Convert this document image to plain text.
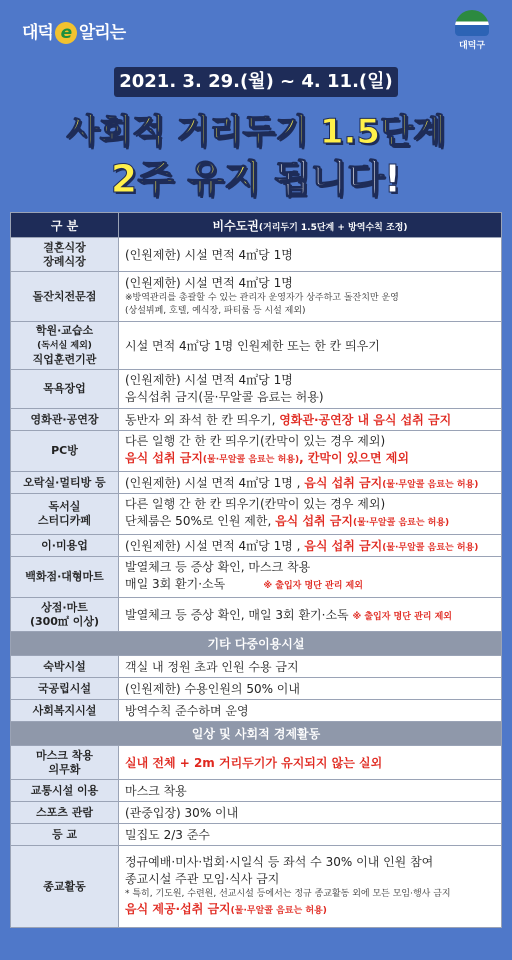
대덕 e 알리는
대덕구
2021. 3. 29.(월) ~ 4. 11.(일)
사회적 거리두기 1.5단계
2주 유지 됩니다!
구 분	비수도권(거리두기 1.5단계 + 방역수칙 조정)
결혼식장
장례식장	(인원제한) 시설 면적 4㎡당 1명
돌잔치전문점	(인원제한) 시설 면적 4㎡당 1명
※방역관리를 총괄할 수 있는 관리자 운영자가 상주하고 돌잔치만 운영
(상설뷔페, 호텔, 예식장, 파티룸 등 시설 제외)

학원·교습소
(독서실 제외)
직업훈련기관	시설 면적 4㎡당 1명 인원제한 또는 한 칸 띄우기
목욕장업	(인원제한) 시설 면적 4㎡당 1명
음식섭취 금지(물·무알콜 음료는 허용)

영화관·공연장	동반자 외 좌석 한 칸 띄우기, 영화관·공연장 내 음식 섭취 금지
PC방	다른 일행 간 한 칸 띄우기(칸막이 있는 경우 제외)
음식 섭취 금지(물·무알콜 음료는 허용), 칸막이 있으면 제외

오락실·멀티방 등	(인원제한) 시설 면적 4㎡당 1명 , 음식 섭취 금지(물·무알콜 음료는 허용)
독서실
스터디카페	다른 일행 간 한 칸 띄우기(칸막이 있는 경우 제외)
단체룸은 50%로 인원 제한, 음식 섭취 금지(물·무알콜 음료는 허용)

이·미용업	(인원제한) 시설 면적 4㎡당 1명 , 음식 섭취 금지(물·무알콜 음료는 허용)
백화점·대형마트	발열체크 등 증상 확인, 마스크 착용
매일 3회 환기·소독 ※ 출입자 명단 관리 제외

상점·마트
(300㎡ 이상)	발열체크 등 증상 확인, 매일 3회 환기·소독 ※ 출입자 명단 관리 제외
기타 다중이용시설	
숙박시설	객실 내 정원 초과 인원 수용 금지
국공립시설	(인원제한) 수용인원의 50% 이내
사회복지시설	방역수칙 준수하며 운영
일상 및 사회적 경제활동	
마스크 착용
의무화	실내 전체 + 2m 거리두기가 유지되지 않는 실외
교통시설 이용	마스크 착용
스포츠 관람	(관중입장) 30% 이내
등 교	밀집도 2/3 준수
종교활동	정규예배·미사·법회·시일식 등 좌석 수 30% 이내 인원 참여
종교시설 주관 모임·식사 금지
* 특히, 기도원, 수련원, 선교시설 등에서는 정규 종교활동 외에 모든 모임·행사 금지
음식 제공·섭취 금지(물·무알콜 음료는 허용)
